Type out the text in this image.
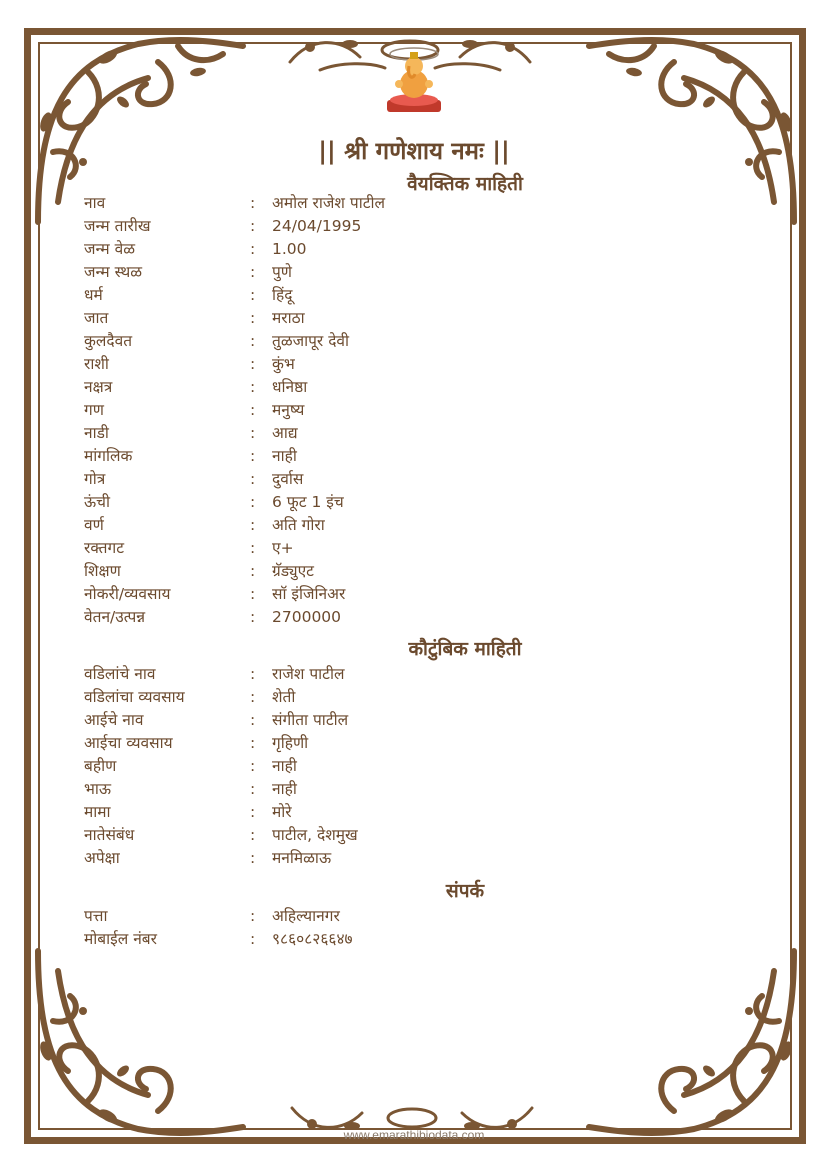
|| श्री गणेशाय नमः ||
वैयक्तिक माहिती
कौटुंबिक माहिती
संपर्क
नाव	: अमोल राजेश पाटील
जन्म तारीख	: 24/04/1995
जन्म वेळ	: 1.00
जन्म स्थळ	: पुणे
धर्म	: हिंदू
जात	: मराठा
कुलदैवत	: तुळजापूर देवी
राशी	: कुंभ
नक्षत्र	: धनिष्ठा
गण	: मनुष्य
नाडी	: आद्य
मांगलिक	: नाही
गोत्र	: दुर्वास
ऊंची	: 6 फूट 1 इंच
वर्ण	: अति गोरा
रक्तगट	: ए+
शिक्षण	: ग्रॅड्युएट
नोकरी/व्यवसाय	: सॉ इंजिनिअर
वेतन/उत्पन्न	: 2700000
वडिलांचे नाव	: राजेश पाटील
वडिलांचा व्यवसाय	: शेती
आईचे नाव	: संगीता पाटील
आईचा व्यवसाय	: गृहिणी
बहीण	: नाही
भाऊ	: नाही
मामा	: मोरे
नातेसंबंध	: पाटील, देशमुख
अपेक्षा	: मनमिळाऊ
पत्ता	: अहिल्यानगर
मोबाईल नंबर	: ९८६०८२६६४७
www.emarathibiodata.com
